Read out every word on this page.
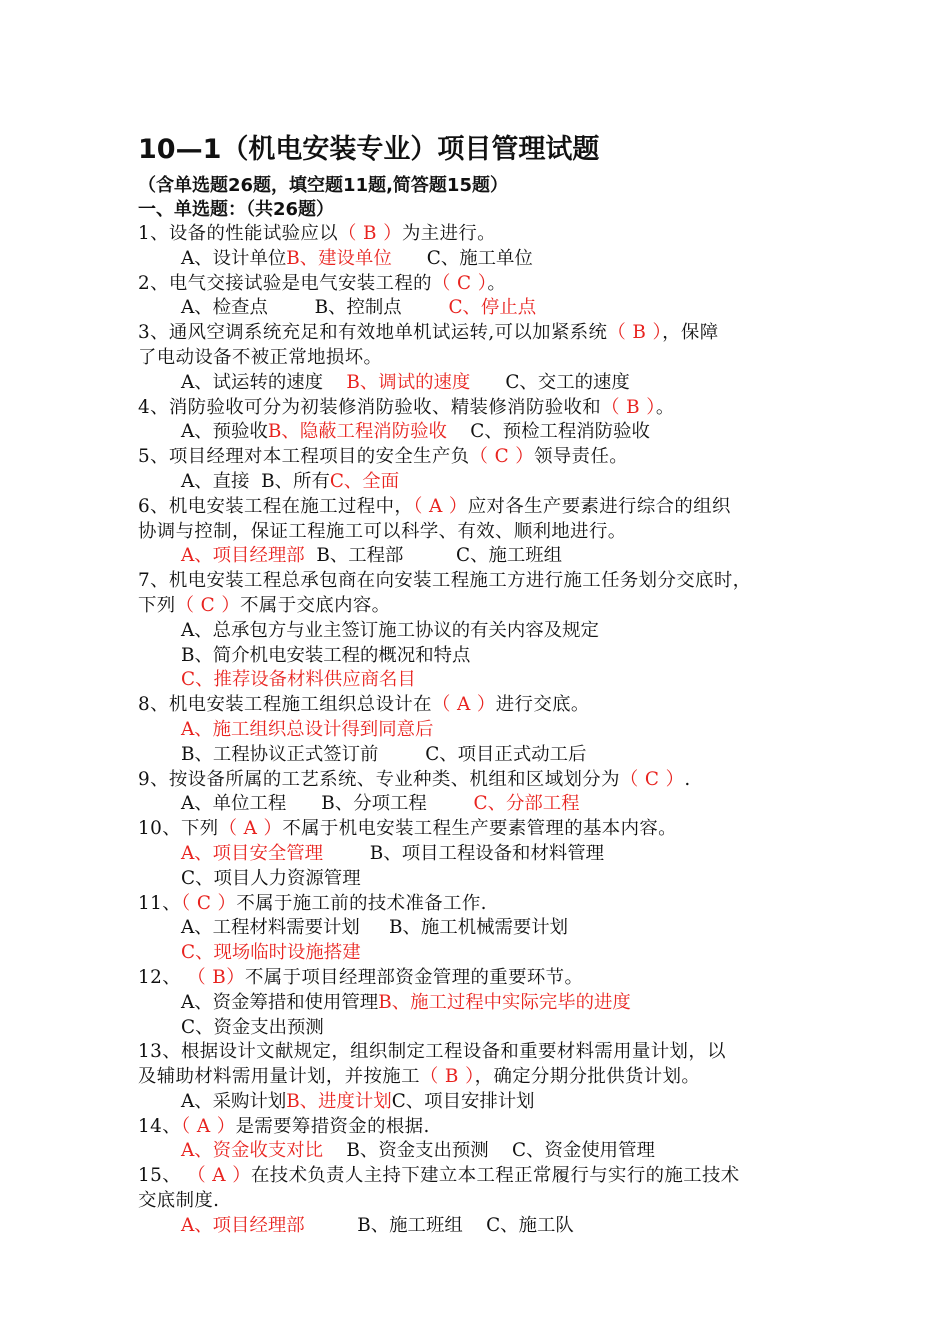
10—1（机电安装专业）项目管理试题
（含单选题26题，填空题11题,简答题15题）
一、单选题：（共26题）
1、设备的性能试验应以（ B ）为主进行。
A、设计单位B、建设单位      C、施工单位
2、电气交接试验是电气安装工程的（ C ）。
A、检查点        B、控制点        C、停止点
3、通风空调系统充足和有效地单机试运转,可以加紧系统（ B ），保障
了电动设备不被正常地损坏。
A、试运转的速度    B、调试的速度      C、交工的速度
4、消防验收可分为初装修消防验收、精装修消防验收和（ B ）。
A、预验收B、隐蔽工程消防验收    C、预检工程消防验收
5、项目经理对本工程项目的安全生产负（ C ）领导责任。
A、直接  B、所有C、全面
6、机电安装工程在施工过程中，（ A ）应对各生产要素进行综合的组织
协调与控制，保证工程施工可以科学、有效、顺利地进行。
A、项目经理部  B、工程部         C、施工班组
7、机电安装工程总承包商在向安装工程施工方进行施工任务划分交底时，
下列（ C ）不属于交底内容。
A、总承包方与业主签订施工协议的有关内容及规定
B、简介机电安装工程的概况和特点
C、推荐设备材料供应商名目
8、机电安装工程施工组织总设计在（ A ）进行交底。
A、施工组织总设计得到同意后
B、工程协议正式签订前        C、项目正式动工后
9、按设备所属的工艺系统、专业种类、机组和区域划分为（ C ）.
A、单位工程      B、分项工程        C、分部工程
10、下列（ A ）不属于机电安装工程生产要素管理的基本内容。
A、项目安全管理        B、项目工程设备和材料管理
C、项目人力资源管理
11、（ C ）不属于施工前的技术准备工作.
A、工程材料需要计划     B、施工机械需要计划
C、现场临时设施搭建
12、 （ B）不属于项目经理部资金管理的重要环节。
A、资金筹措和使用管理B、施工过程中实际完毕的进度
C、资金支出预测
13、根据设计文献规定，组织制定工程设备和重要材料需用量计划，以
及辅助材料需用量计划，并按施工（ B ），确定分期分批供货计划。
A、采购计划B、进度计划C、项目安排计划
14、（ A ）是需要筹措资金的根据.
A、资金收支对比    B、资金支出预测    C、资金使用管理
15、 （ A ）在技术负责人主持下建立本工程正常履行与实行的施工技术
交底制度.
A、项目经理部         B、施工班组    C、施工队
